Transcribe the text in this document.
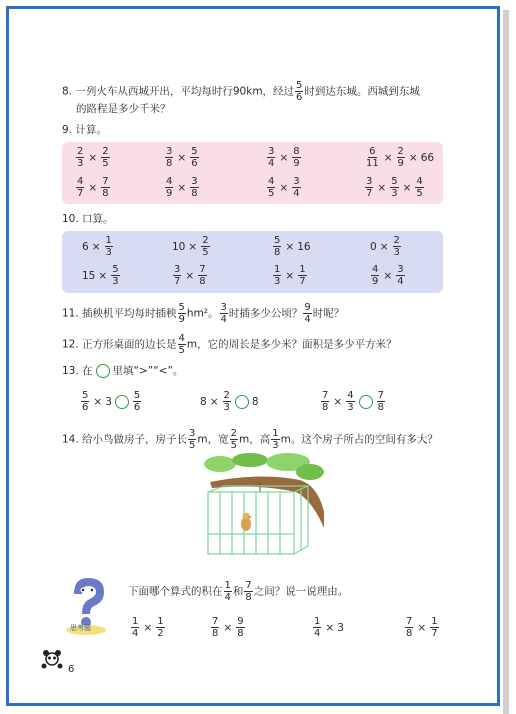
8. 一列火车从西城开出，平均每时行90km，经过 $\frac{5}{6}$ 时到达东城。西城到东城
的路程是多少千米？
9. 计算。
$\frac{2}{3} \times \frac{2}{5}$	$\frac{3}{8} \times \frac{5}{6}$	$\frac{3}{4} \times \frac{8}{9}$	$\frac{6}{11} \times \frac{2}{9} \times 66$
$\frac{4}{7} \times \frac{7}{8}$	$\frac{4}{9} \times \frac{3}{8}$	$\frac{4}{5} \times \frac{3}{4}$	$\frac{3}{7} \times \frac{5}{3} \times \frac{4}{5}$
10. 口算。
$6 \times \frac{1}{3}$	$10 \times \frac{2}{5}$	$\frac{5}{8} \times 16$	$0 \times \frac{2}{3}$
$15 \times \frac{5}{3}$	$\frac{3}{7} \times \frac{7}{8}$	$\frac{1}{3} \times \frac{1}{7}$	$\frac{4}{9} \times \frac{3}{4}$
11. 插秧机平均每时插秧 $\frac{5}{9} hm^2$。 $\frac{3}{4}$ 时插多少公顷？ $\frac{9}{4}$ 时呢？
12. 正方形桌面的边长是 $\frac{4}{5}$ m，它的周长是多少米？面积是多少平方米？
13. 在 里填“>”“<”。
$\frac{5}{6} \times 3 \frac{5}{6}$	$8 \times \frac{2}{3} 8$	$\frac{7}{8} \times \frac{4}{3} \frac{7}{8}$
14. 给小鸟做房子，房子长 $\frac{3}{5}$ m，宽 $\frac{2}{5}$ m，高 $\frac{1}{3}$ m。这个房子所占的空间有多大？
思考题
下面哪个算式的积在 $\frac{1}{4}$ 和 $\frac{7}{8}$ 之间？说一说理由。
$\frac{1}{4} \times \frac{1}{2}$	$\frac{7}{8} \times \frac{9}{8}$	$\frac{1}{4} \times 3$	$\frac{7}{8} \times \frac{1}{7}$
6
